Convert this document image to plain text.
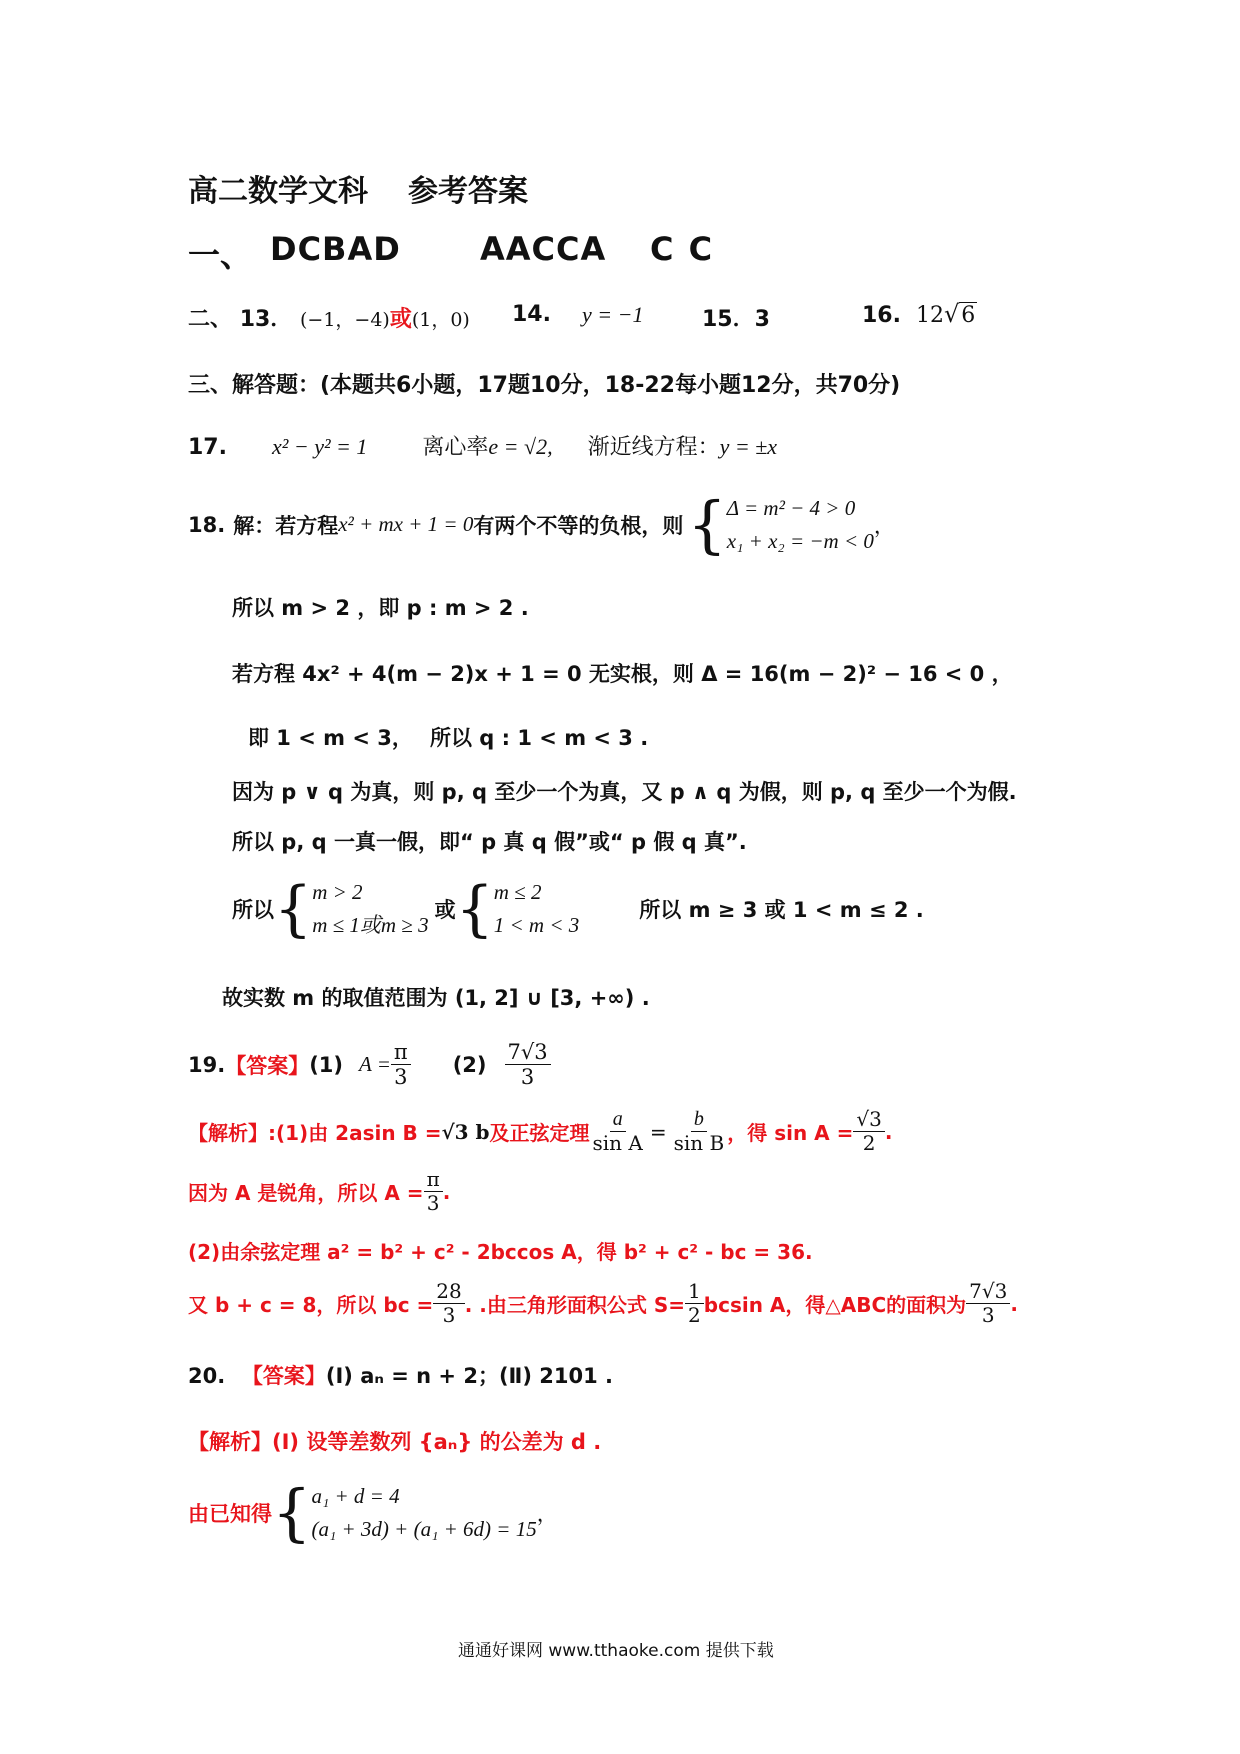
高二数学文科 参考答案
一、 DCBAD AACCA C C
二、 13． (−1，−4)或(1，0) 14. y = −1	15．3	16. 12√6
三、解答题：(本题共6小题，17题10分，18-22每小题12分，共70分)
17. x² − y² = 1	离心率e = √2, 渐近线方程：y = ±x
18. 解：若方程 x² + mx + 1 = 0 有两个不等的负根，则 { Δ = m² − 4 > 0
x₁ + x₂ = −m < 0
，
所以 m > 2 ，即 p : m > 2 .
若方程 4x² + 4(m − 2)x + 1 = 0 无实根，则 Δ = 16(m − 2)² − 16 < 0 ，
即 1 < m < 3， 所以 q : 1 < m < 3 .
因为 p ∨ q 为真，则 p, q 至少一个为真，又 p ∧ q 为假，则 p, q 至少一个为假.
所以 p, q 一真一假，即“ p 真 q 假”或“ p 假 q 真”.
所以 { m > 2
m ≤ 1或m ≥ 3
或 { m ≤ 2
1 < m < 3
所以 m ≥ 3 或 1 < m ≤ 2 .
故实数 m 的取值范围为 (1, 2] ∪ [3, +∞) .
19. 【答案】 (1) $A = \frac{\pi}{3} (2) \frac{7√3}{3}$
【解析】: (1)由 2asin B = √3 b 及正弦定理 $\frac{a}{\text{sin A}} = \frac{b}{\text{sin B}}$ ，得 $\sin A = \frac{√3}{2}$ .
因为 A 是锐角，所以 $A = \frac{\pi}{3}$ .
(2)由余弦定理 a² = b² + c² - 2bccos A，得 b² + c² - bc = 36.
又 b + c = 8，所以 bc = $\frac{28}{3}$ . .由三角形面积公式 $S= \frac{1}{2}$ bcsin A，得△ABC的面积为 $\frac{7√3}{3}$ .
20. 【答案】(Ⅰ) aₙ = n + 2；(Ⅱ) 2101 .
【解析】(I) 设等差数列 {aₙ} 的公差为 d .
由已知得 { a₁ + d = 4
(a₁ + 3d) + (a₁ + 6d) = 15
，
通通好课网 www.tthaoke.com 提供下载
